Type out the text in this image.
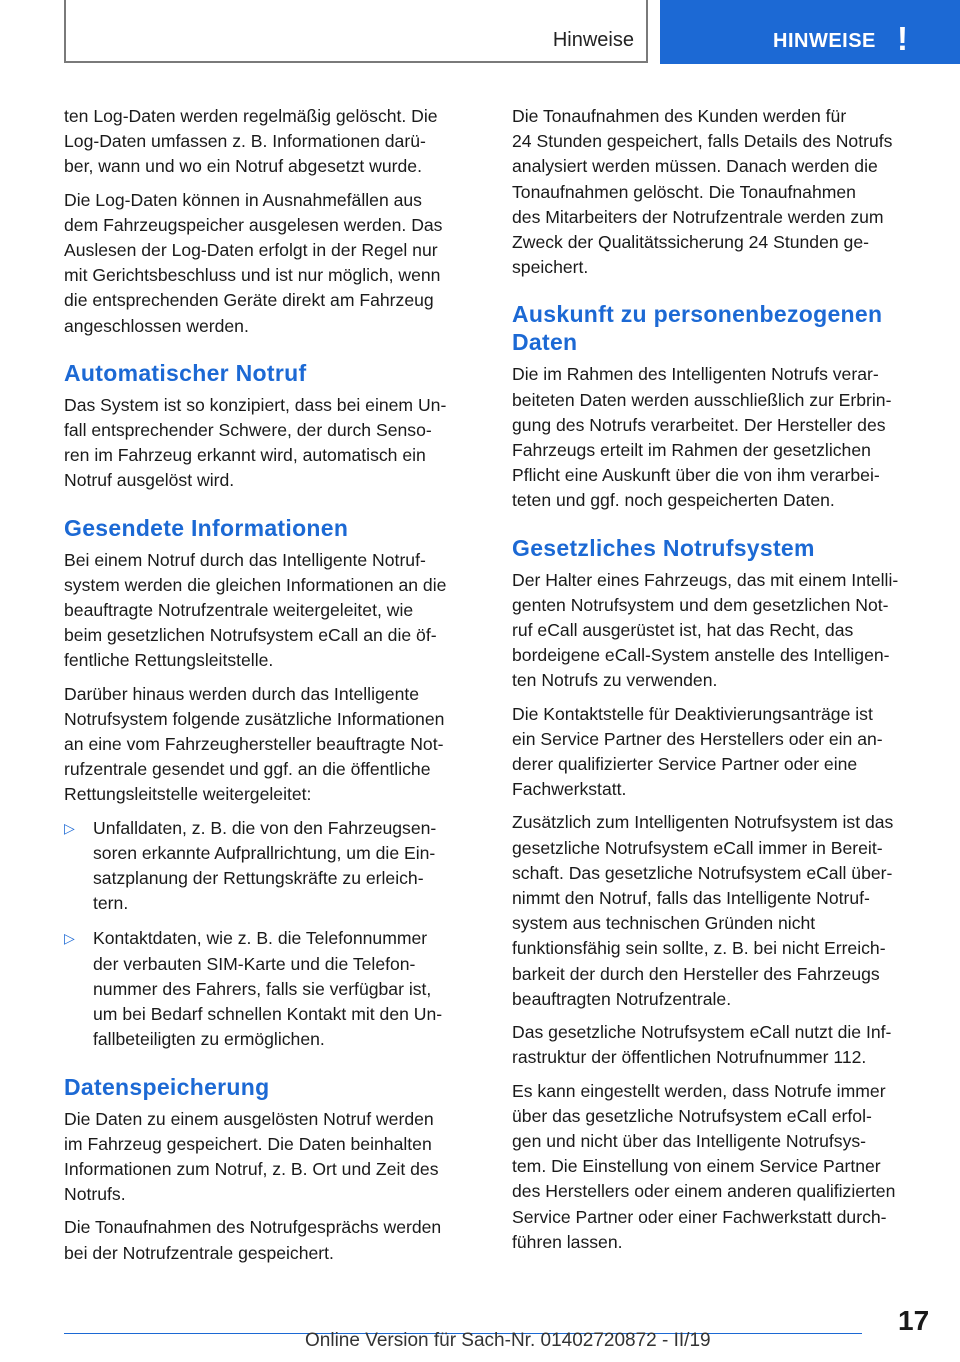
Hinweise	HINWEISE !

ten Log-Daten werden regelmäßig gelöscht. Die
Log-Daten umfassen z. B. Informationen darü-
ber, wann und wo ein Notruf abgesetzt wurde.

Die Log-Daten können in Ausnahmefällen aus
dem Fahrzeugspeicher ausgelesen werden. Das
Auslesen der Log-Daten erfolgt in der Regel nur
mit Gerichtsbeschluss und ist nur möglich, wenn
die entsprechenden Geräte direkt am Fahrzeug
angeschlossen werden.

Automatischer Notruf

Das System ist so konzipiert, dass bei einem Un-
fall entsprechender Schwere, der durch Senso-
ren im Fahrzeug erkannt wird, automatisch ein
Notruf ausgelöst wird.

Gesendete Informationen

Bei einem Notruf durch das Intelligente Notruf-
system werden die gleichen Informationen an die
beauftragte Notrufzentrale weitergeleitet, wie
beim gesetzlichen Notrufsystem eCall an die öf-
fentliche Rettungsleitstelle.

Darüber hinaus werden durch das Intelligente
Notrufsystem folgende zusätzliche Informationen
an eine vom Fahrzeughersteller beauftragte Not-
rufzentrale gesendet und ggf. an die öffentliche
Rettungsleitstelle weitergeleitet:

▷ Unfalldaten, z. B. die von den Fahrzeugsen-
soren erkannte Aufprallrichtung, um die Ein-
satzplanung der Rettungskräfte zu erleich-
tern.
▷ Kontaktdaten, wie z. B. die Telefonnummer
der verbauten SIM-Karte und die Telefon-
nummer des Fahrers, falls sie verfügbar ist,
um bei Bedarf schnellen Kontakt mit den Un-
fallbeteiligten zu ermöglichen.
Datenspeicherung

Die Daten zu einem ausgelösten Notruf werden
im Fahrzeug gespeichert. Die Daten beinhalten
Informationen zum Notruf, z. B. Ort und Zeit des
Notrufs.

Die Tonaufnahmen des Notrufgesprächs werden
bei der Notrufzentrale gespeichert.

Die Tonaufnahmen des Kunden werden für
24 Stunden gespeichert, falls Details des Notrufs
analysiert werden müssen. Danach werden die
Tonaufnahmen gelöscht. Die Tonaufnahmen
des Mitarbeiters der Notrufzentrale werden zum
Zweck der Qualitätssicherung 24 Stunden ge-
speichert.

Auskunft zu personenbezogenen
Daten

Die im Rahmen des Intelligenten Notrufs verar-
beiteten Daten werden ausschließlich zur Erbrin-
gung des Notrufs verarbeitet. Der Hersteller des
Fahrzeugs erteilt im Rahmen der gesetzlichen
Pflicht eine Auskunft über die von ihm verarbei-
teten und ggf. noch gespeicherten Daten.

Gesetzliches Notrufsystem

Der Halter eines Fahrzeugs, das mit einem Intelli-
genten Notrufsystem und dem gesetzlichen Not-
ruf eCall ausgerüstet ist, hat das Recht, das
bordeigene eCall-System anstelle des Intelligen-
ten Notrufs zu verwenden.

Die Kontaktstelle für Deaktivierungsanträge ist
ein Service Partner des Herstellers oder ein an-
derer qualifizierter Service Partner oder eine
Fachwerkstatt.

Zusätzlich zum Intelligenten Notrufsystem ist das
gesetzliche Notrufsystem eCall immer in Bereit-
schaft. Das gesetzliche Notrufsystem eCall über-
nimmt den Notruf, falls das Intelligente Notruf-
system aus technischen Gründen nicht
funktionsfähig sein sollte, z. B. bei nicht Erreich-
barkeit der durch den Hersteller des Fahrzeugs
beauftragten Notrufzentrale.

Das gesetzliche Notrufsystem eCall nutzt die Inf-
rastruktur der öffentlichen Notrufnummer 112.

Es kann eingestellt werden, dass Notrufe immer
über das gesetzliche Notrufsystem eCall erfol-
gen und nicht über das Intelligente Notrufsys-
tem. Die Einstellung von einem Service Partner
des Herstellers oder einem anderen qualifizierten
Service Partner oder einer Fachwerkstatt durch-
führen lassen.

17
Online Version für Sach-Nr. 01402720872 - II/19
